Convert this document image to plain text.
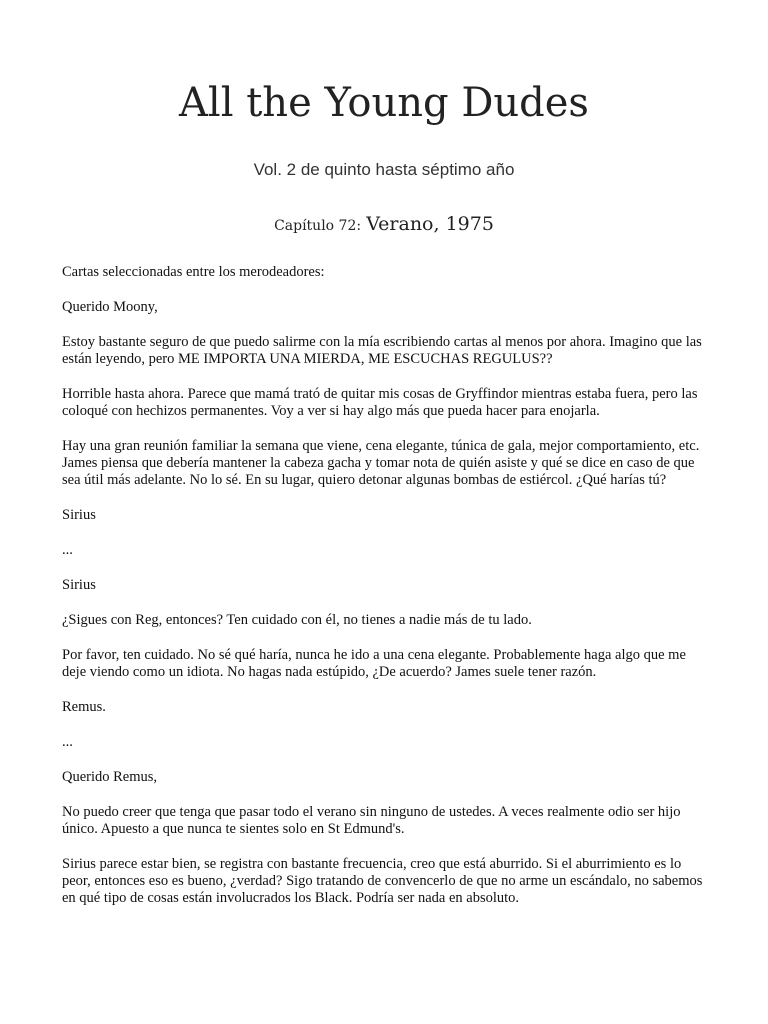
All the Young Dudes
Vol. 2 de quinto hasta séptimo año
Capítulo 72: Verano, 1975

Cartas seleccionadas entre los merodeadores:

Querido Moony,

Estoy bastante seguro de que puedo salirme con la mía escribiendo cartas al menos por ahora. Imagino que las están leyendo, pero ME IMPORTA UNA MIERDA, ME ESCUCHAS REGULUS??

Horrible hasta ahora. Parece que mamá trató de quitar mis cosas de Gryffindor mientras estaba fuera, pero las coloqué con hechizos permanentes. Voy a ver si hay algo más que pueda hacer para enojarla.

Hay una gran reunión familiar la semana que viene, cena elegante, túnica de gala, mejor comportamiento, etc. James piensa que debería mantener la cabeza gacha y tomar nota de quién asiste y qué se dice en caso de que sea útil más adelante. No lo sé. En su lugar, quiero detonar algunas bombas de estiércol. ¿Qué harías tú?

Sirius

...

Sirius

¿Sigues con Reg, entonces? Ten cuidado con él, no tienes a nadie más de tu lado.

Por favor, ten cuidado. No sé qué haría, nunca he ido a una cena elegante. Probablemente haga algo que me deje viendo como un idiota. No hagas nada estúpido, ¿De acuerdo? James suele tener razón.

Remus.

...

Querido Remus,

No puedo creer que tenga que pasar todo el verano sin ninguno de ustedes. A veces realmente odio ser hijo único. Apuesto a que nunca te sientes solo en St Edmund's.

Sirius parece estar bien, se registra con bastante frecuencia, creo que está aburrido. Si el aburrimiento es lo peor, entonces eso es bueno, ¿verdad? Sigo tratando de convencerlo de que no arme un escándalo, no sabemos en qué tipo de cosas están involucrados los Black. Podría ser nada en absoluto.
